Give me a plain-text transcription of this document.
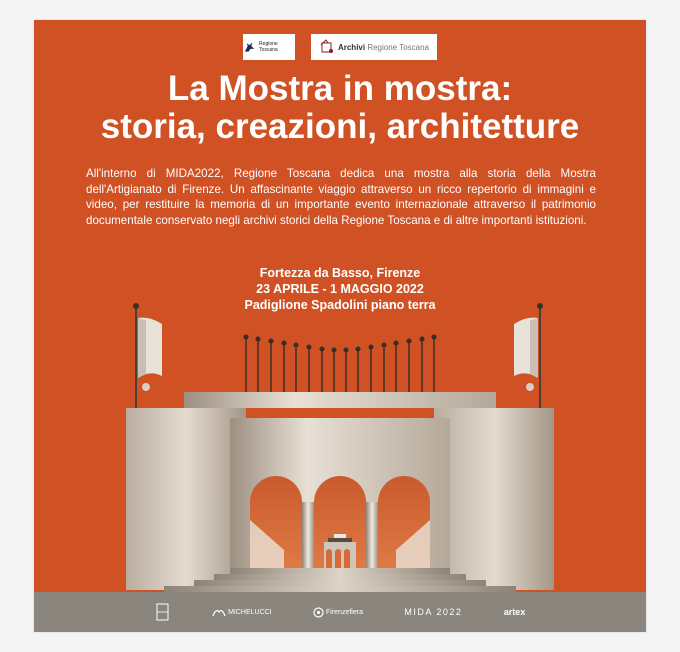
Regione Toscana	Archivi Regione Toscana
La Mostra in mostra:
storia, creazioni, architetture

All'interno di MIDA2022, Regione Toscana dedica una mostra alla storia della Mostra dell'Artigianato di Firenze. Un affascinante viaggio attraverso un ricco repertorio di immagini e video, per restituire la memoria di un importante evento internazionale attraverso il patrimonio documentale conservato negli archivi storici della Regione Toscana e di altre importanti istituzioni.

Fortezza da Basso, Firenze
23 APRILE - 1 MAGGIO 2022
Padiglione Spadolini piano terra
MICHELUCCI	Firenzefiera	MIDA 2022	artex
